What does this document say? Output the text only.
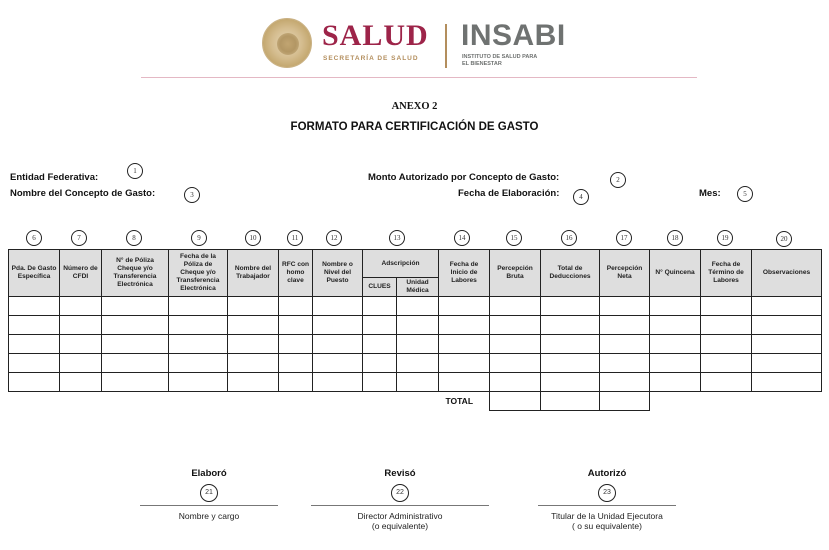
SALUD
SECRETARÍA DE SALUD
INSABI
INSTITUTO DE SALUD PARA
EL BIENESTAR
ANEXO 2
FORMATO PARA CERTIFICACIÓN DE GASTO
Entidad Federativa:
1
Monto Autorizado por Concepto de Gasto:	2
Nombre del Concepto de Gasto:	3	Fecha de Elaboración:	4	Mes:	5
6	7	8	9	10	11	12	13	14	15	16	17	18	19	20
Pda. De Gasto Específica	Número de CFDI	N° de Póliza Cheque y/o Transferencia Electrónica	Fecha de la Póliza de Cheque y/o Transferencia Electrónica	Nombre del Trabajador	RFC con homo clave	Nombre o Nivel del Puesto	Adscripción		Fecha de Inicio de Labores	Percepción Bruta	Total de Deducciones	Percepción Neta	N° Quincena	Fecha de Término de Labores	Observaciones
							CLUES	Unidad Médica							

								TOTAL							
Elaboró
21
Nombre y cargo
Revisó
22
Director Administrativo
(o equivalente)
Autorizó
23
Titular de la Unidad Ejecutora
( o su equivalente)
